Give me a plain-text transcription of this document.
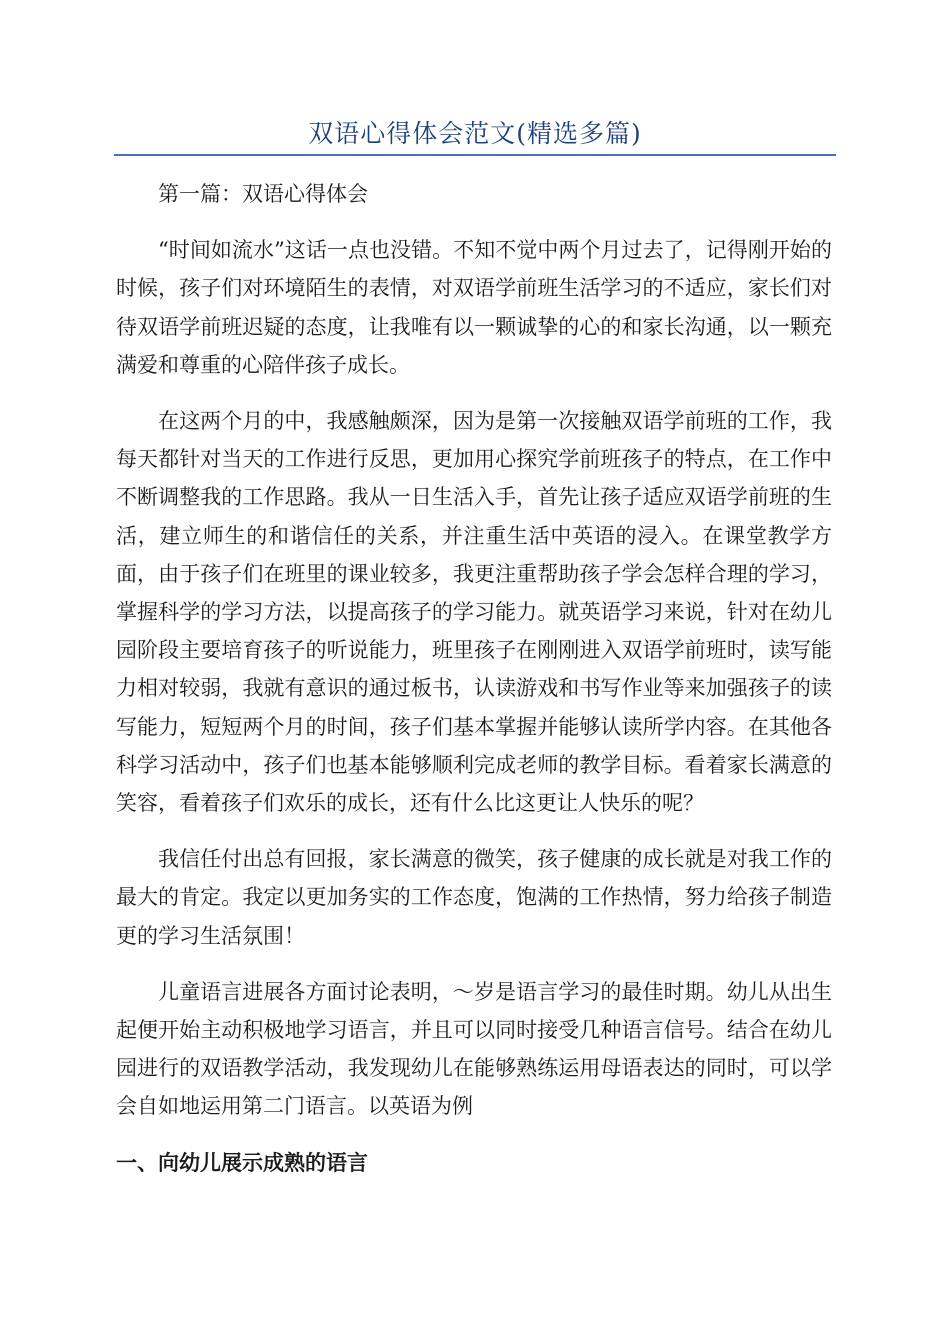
双语心得体会范文(精选多篇)

第一篇：双语心得体会

“时间如流水”这话一点也没错。不知不觉中两个月过去了，记得刚开始的时候，孩子们对环境陌生的表情，对双语学前班生活学习的不适应，家长们对待双语学前班迟疑的态度，让我唯有以一颗诚挚的心的和家长沟通，以一颗充满爱和尊重的心陪伴孩子成长。

在这两个月的中，我感触颇深，因为是第一次接触双语学前班的工作，我每天都针对当天的工作进行反思，更加用心探究学前班孩子的特点，在工作中不断调整我的工作思路。我从一日生活入手，首先让孩子适应双语学前班的生活，建立师生的和谐信任的关系，并注重生活中英语的浸入。在课堂教学方面，由于孩子们在班里的课业较多，我更注重帮助孩子学会怎样合理的学习，掌握科学的学习方法，以提高孩子的学习能力。就英语学习来说，针对在幼儿园阶段主要培育孩子的听说能力，班里孩子在刚刚进入双语学前班时，读写能力相对较弱，我就有意识的通过板书，认读游戏和书写作业等来加强孩子的读写能力，短短两个月的时间，孩子们基本掌握并能够认读所学内容。在其他各科学习活动中，孩子们也基本能够顺利完成老师的教学目标。看着家长满意的笑容，看着孩子们欢乐的成长，还有什么比这更让人快乐的呢？

我信任付出总有回报，家长满意的微笑，孩子健康的成长就是对我工作的最大的肯定。我定以更加务实的工作态度，饱满的工作热情，努力给孩子制造更的学习生活氛围！

儿童语言进展各方面讨论表明，～岁是语言学习的最佳时期。幼儿从出生起便开始主动积极地学习语言，并且可以同时接受几种语言信号。结合在幼儿园进行的双语教学活动，我发现幼儿在能够熟练运用母语表达的同时，可以学会自如地运用第二门语言。以英语为例

一、向幼儿展示成熟的语言
